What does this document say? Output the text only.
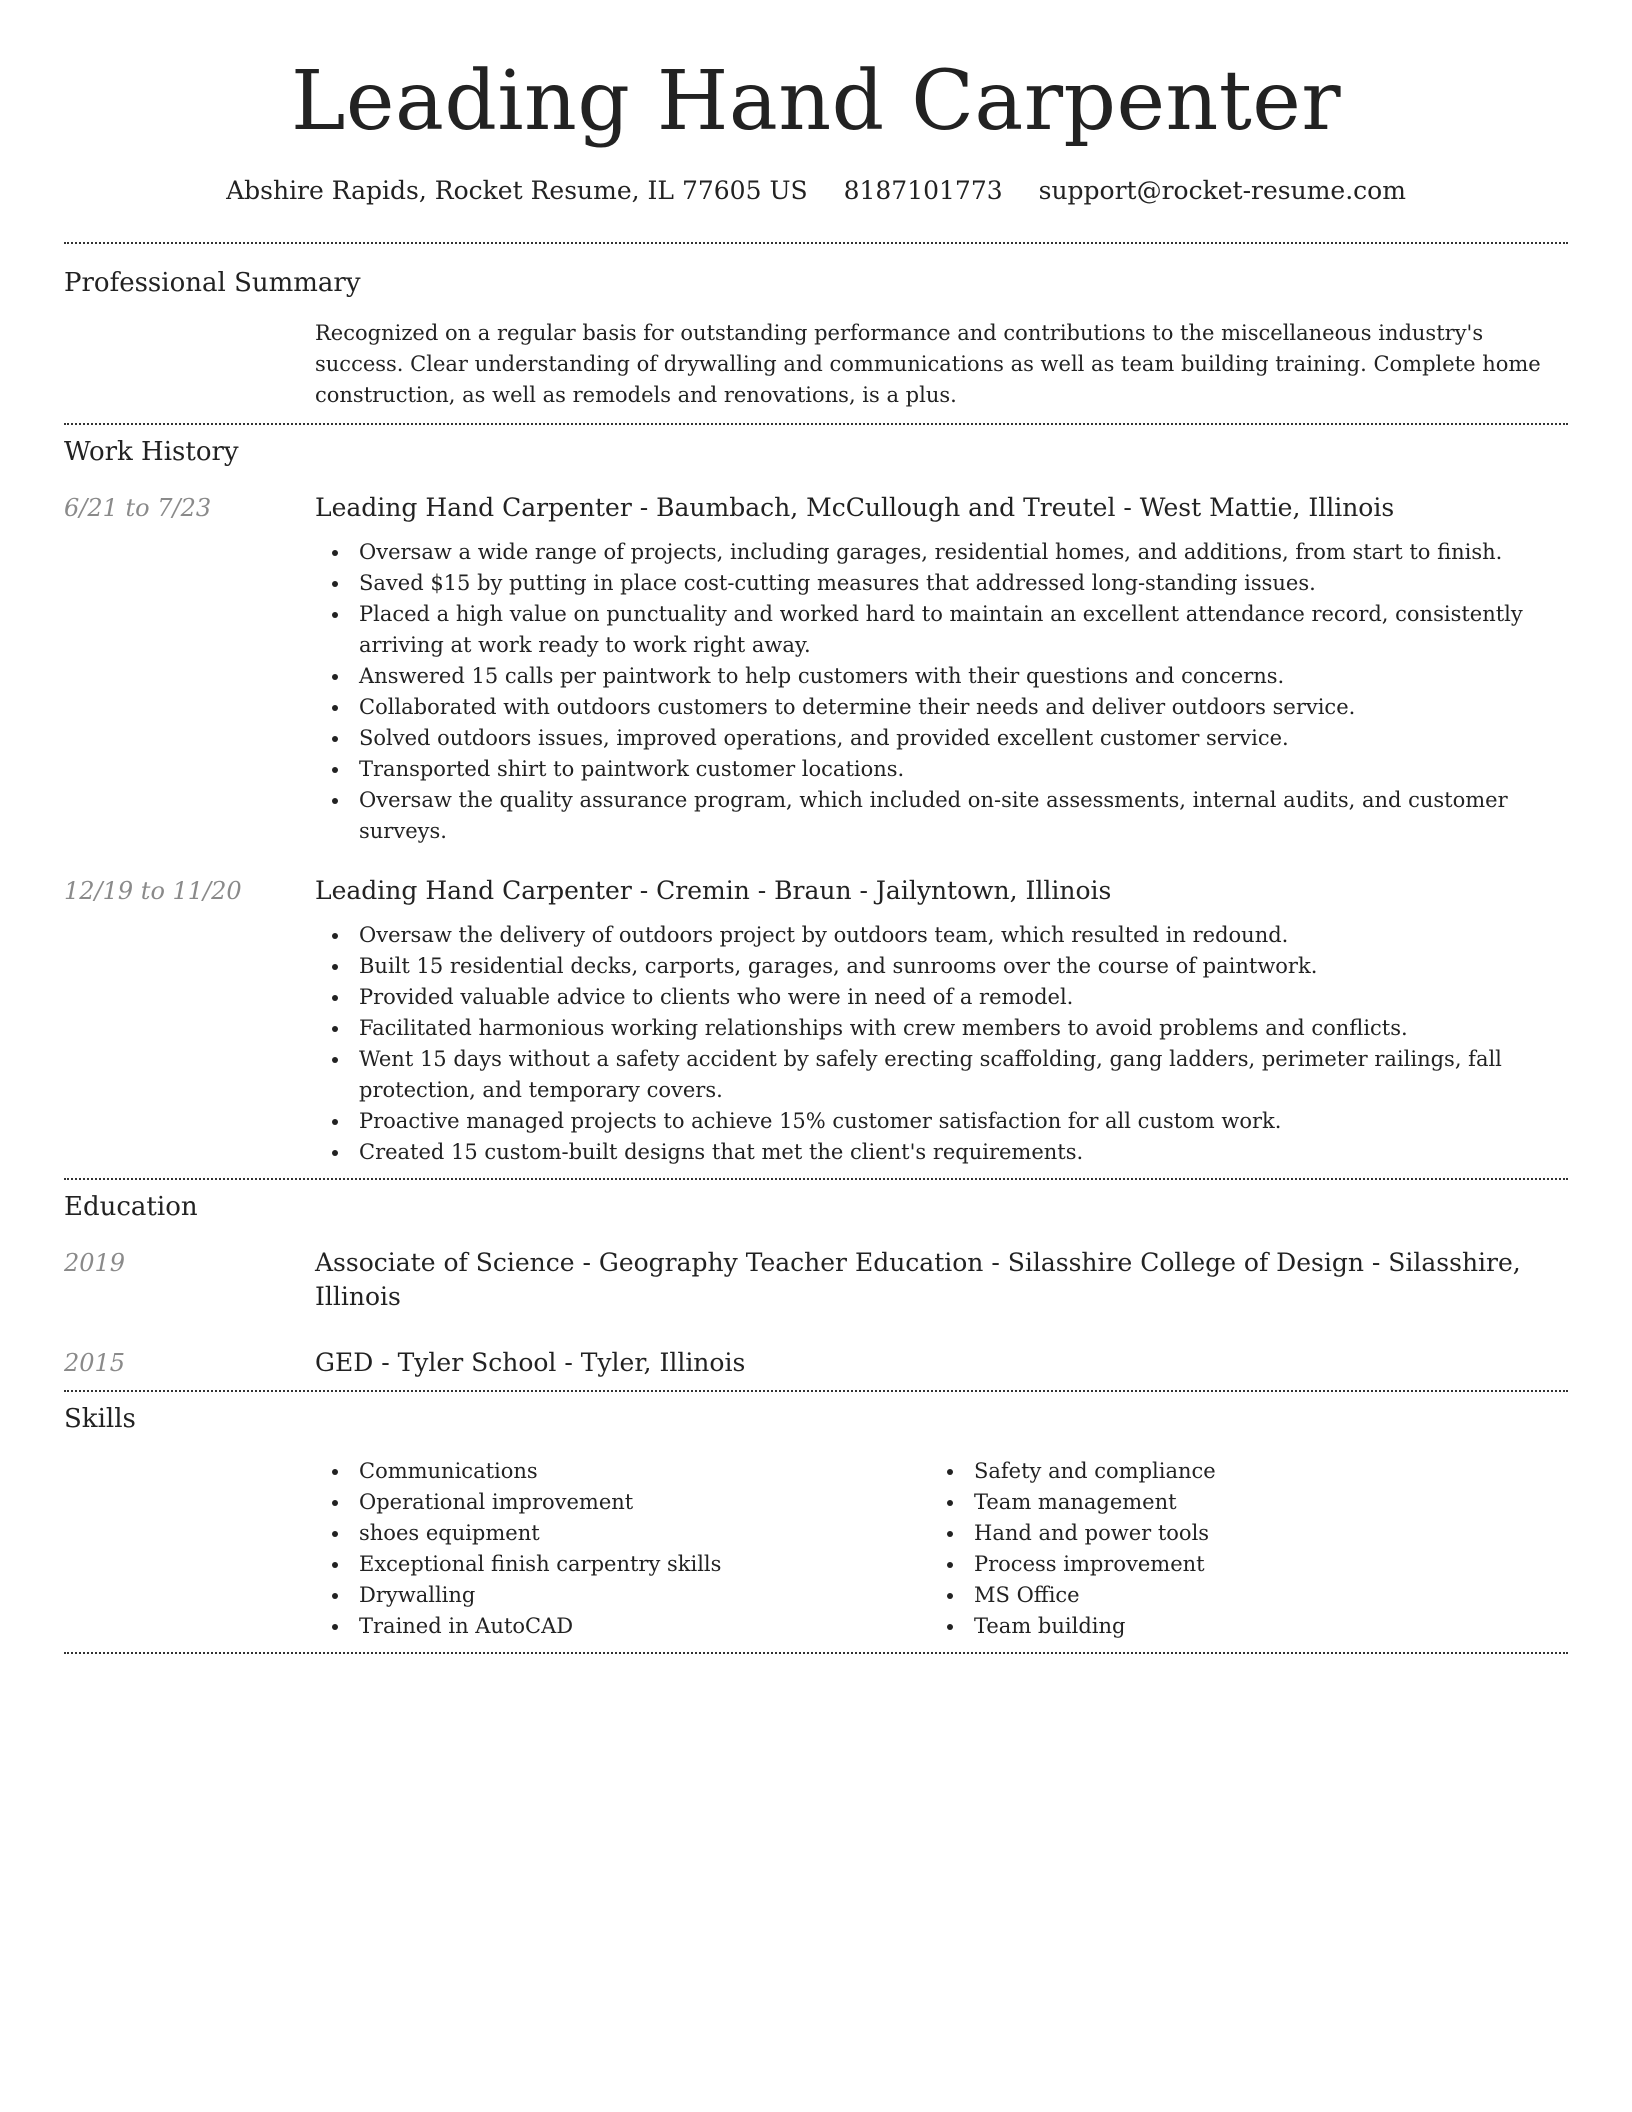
Leading Hand Carpenter
Abshire Rapids, Rocket Resume, IL 77605 US 8187101773 support@rocket-resume.com
Professional Summary

Recognized on a regular basis for outstanding performance and contributions to the miscellaneous industry's success. Clear understanding of drywalling and communications as well as team building training. Complete home construction, as well as remodels and renovations, is a plus.

Work History
6/21 to 7/23	Leading Hand Carpenter - Baumbach, McCullough and Treutel - West Mattie, Illinois
Oversaw a wide range of projects, including garages, residential homes, and additions, from start to finish.
Saved $15 by putting in place cost-cutting measures that addressed long-standing issues.
Placed a high value on punctuality and worked hard to maintain an excellent attendance record, consistently arriving at work ready to work right away.
Answered 15 calls per paintwork to help customers with their questions and concerns.
Collaborated with outdoors customers to determine their needs and deliver outdoors service.
Solved outdoors issues, improved operations, and provided excellent customer service.
Transported shirt to paintwork customer locations.
Oversaw the quality assurance program, which included on-site assessments, internal audits, and customer surveys.
12/19 to 11/20	Leading Hand Carpenter - Cremin - Braun - Jailyntown, Illinois
Oversaw the delivery of outdoors project by outdoors team, which resulted in redound.
Built 15 residential decks, carports, garages, and sunrooms over the course of paintwork.
Provided valuable advice to clients who were in need of a remodel.
Facilitated harmonious working relationships with crew members to avoid problems and conflicts.
Went 15 days without a safety accident by safely erecting scaffolding, gang ladders, perimeter railings, fall protection, and temporary covers.
Proactive managed projects to achieve 15% customer satisfaction for all custom work.
Created 15 custom-built designs that met the client's requirements.
Education
2019	Associate of Science - Geography Teacher Education - Silasshire College of Design - Silasshire, Illinois
2015	GED - Tyler School - Tyler, Illinois
Skills
Communications
Operational improvement
shoes equipment
Exceptional finish carpentry skills
Drywalling
Trained in AutoCAD
Safety and compliance
Team management
Hand and power tools
Process improvement
MS Office
Team building
